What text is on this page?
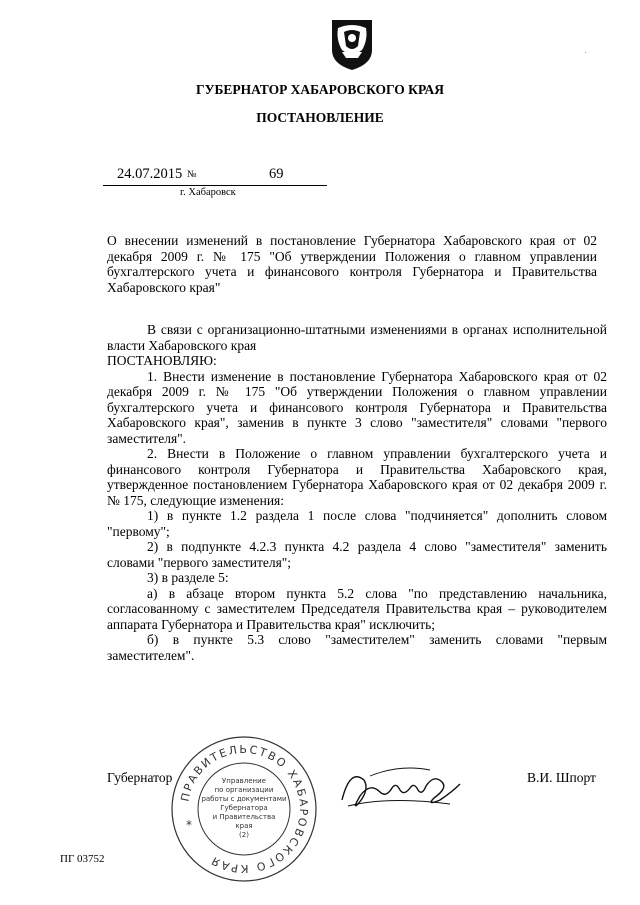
ГУБЕРНАТОР ХАБАРОВСКОГО КРАЯ
ПОСТАНОВЛЕНИЕ
24.07.2015 №	69
г. Хабаровск
О внесении изменений в постановление Губернатора Хабаровского края от 02 декабря 2009 г. № 175 "Об утверждении Положения о главном управлении бухгалтерского учета и финансового контроля Губернатора и Правительства Хабаровского края"

В связи с организационно-штатными изменениями в органах исполнительной власти Хабаровского края

ПОСТАНОВЛЯЮ:

1. Внести изменение в постановление Губернатора Хабаровского края от 02 декабря 2009 г. № 175 "Об утверждении Положения о главном управлении бухгалтерского учета и финансового контроля Губернатора и Правительства Хабаровского края", заменив в пункте 3 слово "заместителя" словами "первого заместителя".

2. Внести в Положение о главном управлении бухгалтерского учета и финансового контроля Губернатора и Правительства Хабаровского края, утвержденное постановлением Губернатора Хабаровского края от 02 декабря 2009 г. № 175, следующие изменения:

1) в пункте 1.2 раздела 1 после слова "подчиняется" дополнить словом "первому";

2) в подпункте 4.2.3 пункта 4.2 раздела 4 слово "заместителя" заменить словами "первого заместителя";

3) в разделе 5:

а) в абзаце втором пункта 5.2 слова "по представлению начальника, согласованному с заместителем Председателя Правительства края – руководителем аппарата Губернатора и Правительства края" исключить;

б) в пункте 5.3 слово "заместителем" заменить словами "первым заместителем".

Губернатор	В.И. Шпорт
ПРАВИТЕЛЬСТВО ХАБАРОВСКОГО КРАЯ
Управление
по организации
работы с документами
Губернатора
и Правительства
края
(2)
*
ПГ 03752
